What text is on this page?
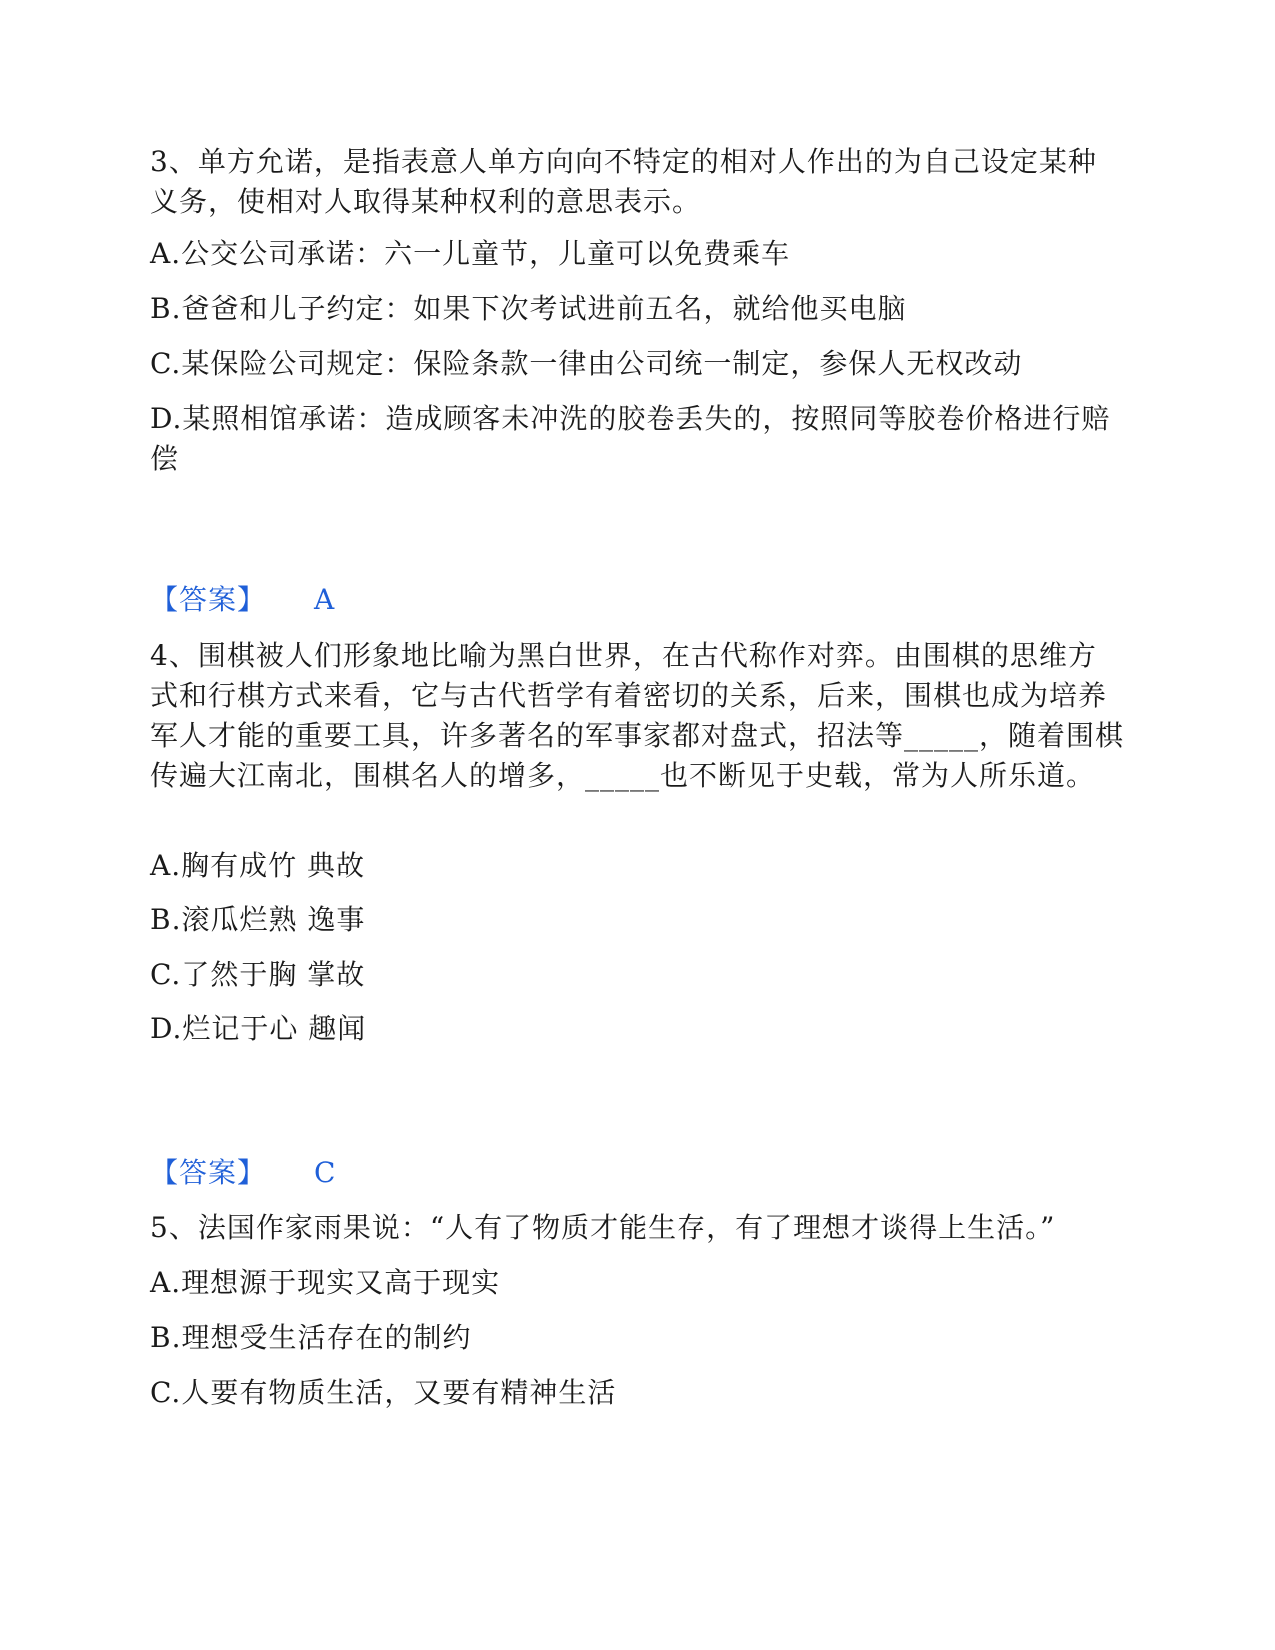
3、单方允诺，是指表意人单方向向不特定的相对人作出的为自己设定某种义务，使相对人取得某种权利的意思表示。

A.公交公司承诺：六一儿童节，儿童可以免费乘车

B.爸爸和儿子约定：如果下次考试进前五名，就给他买电脑

C.某保险公司规定：保险条款一律由公司统一制定，参保人无权改动

D.某照相馆承诺：造成顾客未冲洗的胶卷丢失的，按照同等胶卷价格进行赔偿

【答案】 A

4、围棋被人们形象地比喻为黑白世界，在古代称作对弈。由围棋的思维方式和行棋方式来看，它与古代哲学有着密切的关系，后来，围棋也成为培养军人才能的重要工具，许多著名的军事家都对盘式，招法等_____，随着围棋传遍大江南北，围棋名人的增多，_____也不断见于史载，常为人所乐道。

A.胸有成竹 典故

B.滚瓜烂熟 逸事

C.了然于胸 掌故

D.烂记于心 趣闻

【答案】 C

5、法国作家雨果说：“人有了物质才能生存，有了理想才谈得上生活。”

A.理想源于现实又高于现实

B.理想受生活存在的制约

C.人要有物质生活，又要有精神生活
